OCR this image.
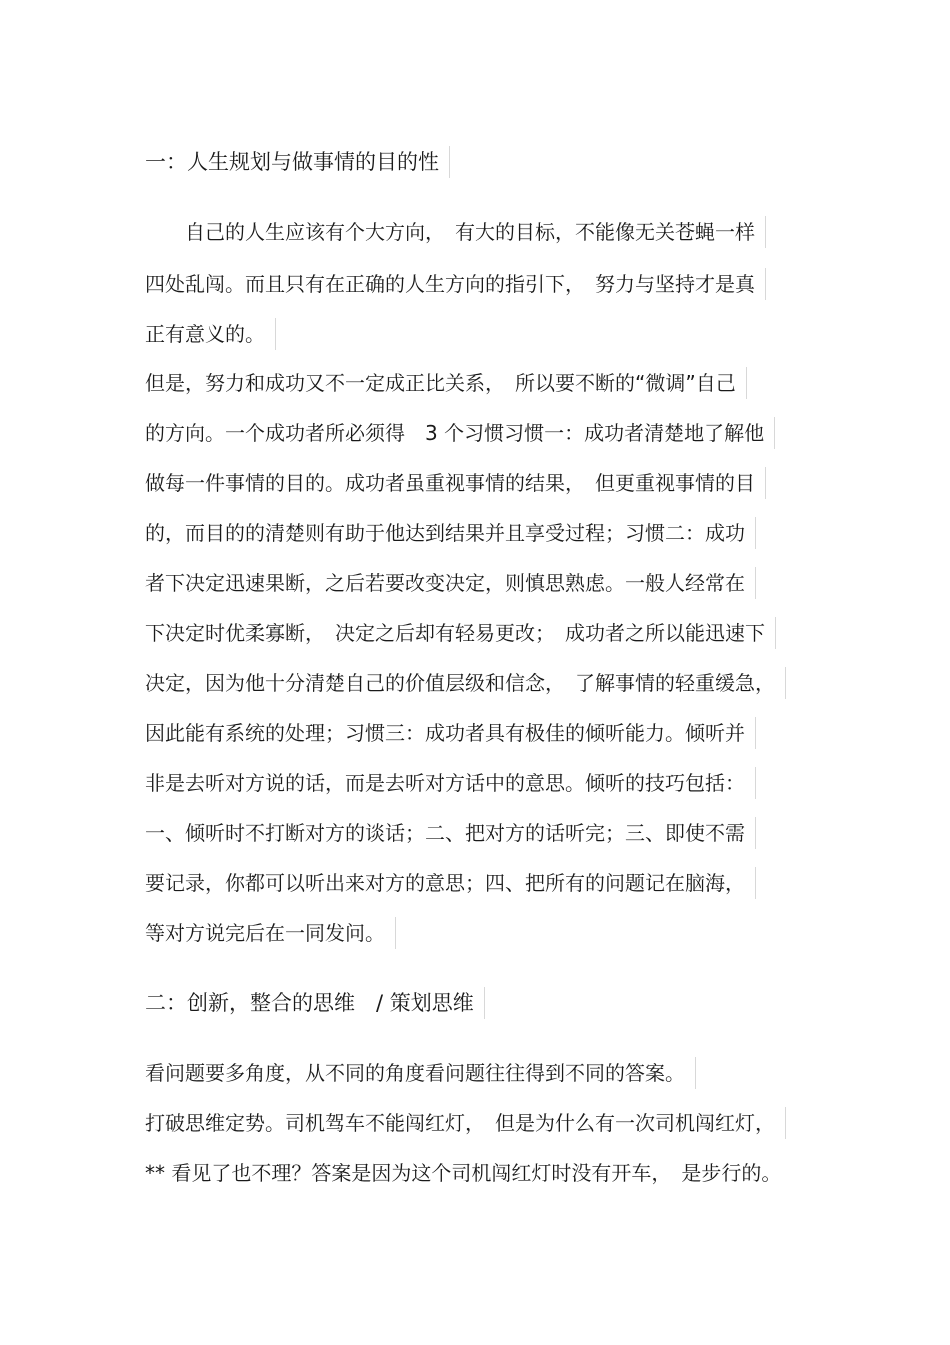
一：人生规划与做事情的目的性
　　自己的人生应该有个大方向，　有大的目标，不能像无关苍蝇一样
四处乱闯。而且只有在正确的人生方向的指引下，　努力与坚持才是真
正有意义的。
但是，努力和成功又不一定成正比关系，　所以要不断的“微调”自己
的方向。一个成功者所必须得　3 个习惯习惯一：成功者清楚地了解他
做每一件事情的目的。成功者虽重视事情的结果，　但更重视事情的目
的，而目的的清楚则有助于他达到结果并且享受过程；习惯二：成功
者下决定迅速果断，之后若要改变决定，则慎思熟虑。一般人经常在
下决定时优柔寡断，　决定之后却有轻易更改；　成功者之所以能迅速下
决定，因为他十分清楚自己的价值层级和信念，　了解事情的轻重缓急，
因此能有系统的处理；习惯三：成功者具有极佳的倾听能力。倾听并
非是去听对方说的话，而是去听对方话中的意思。倾听的技巧包括：
一、倾听时不打断对方的谈话；二、把对方的话听完；三、即使不需
要记录，你都可以听出来对方的意思；四、把所有的问题记在脑海，
等对方说完后在一同发问。
二：创新，整合的思维　/ 策划思维
看问题要多角度，从不同的角度看问题往往得到不同的答案。
打破思维定势。司机驾车不能闯红灯，　但是为什么有一次司机闯红灯，
** 看见了也不理？答案是因为这个司机闯红灯时没有开车，　是步行的。
